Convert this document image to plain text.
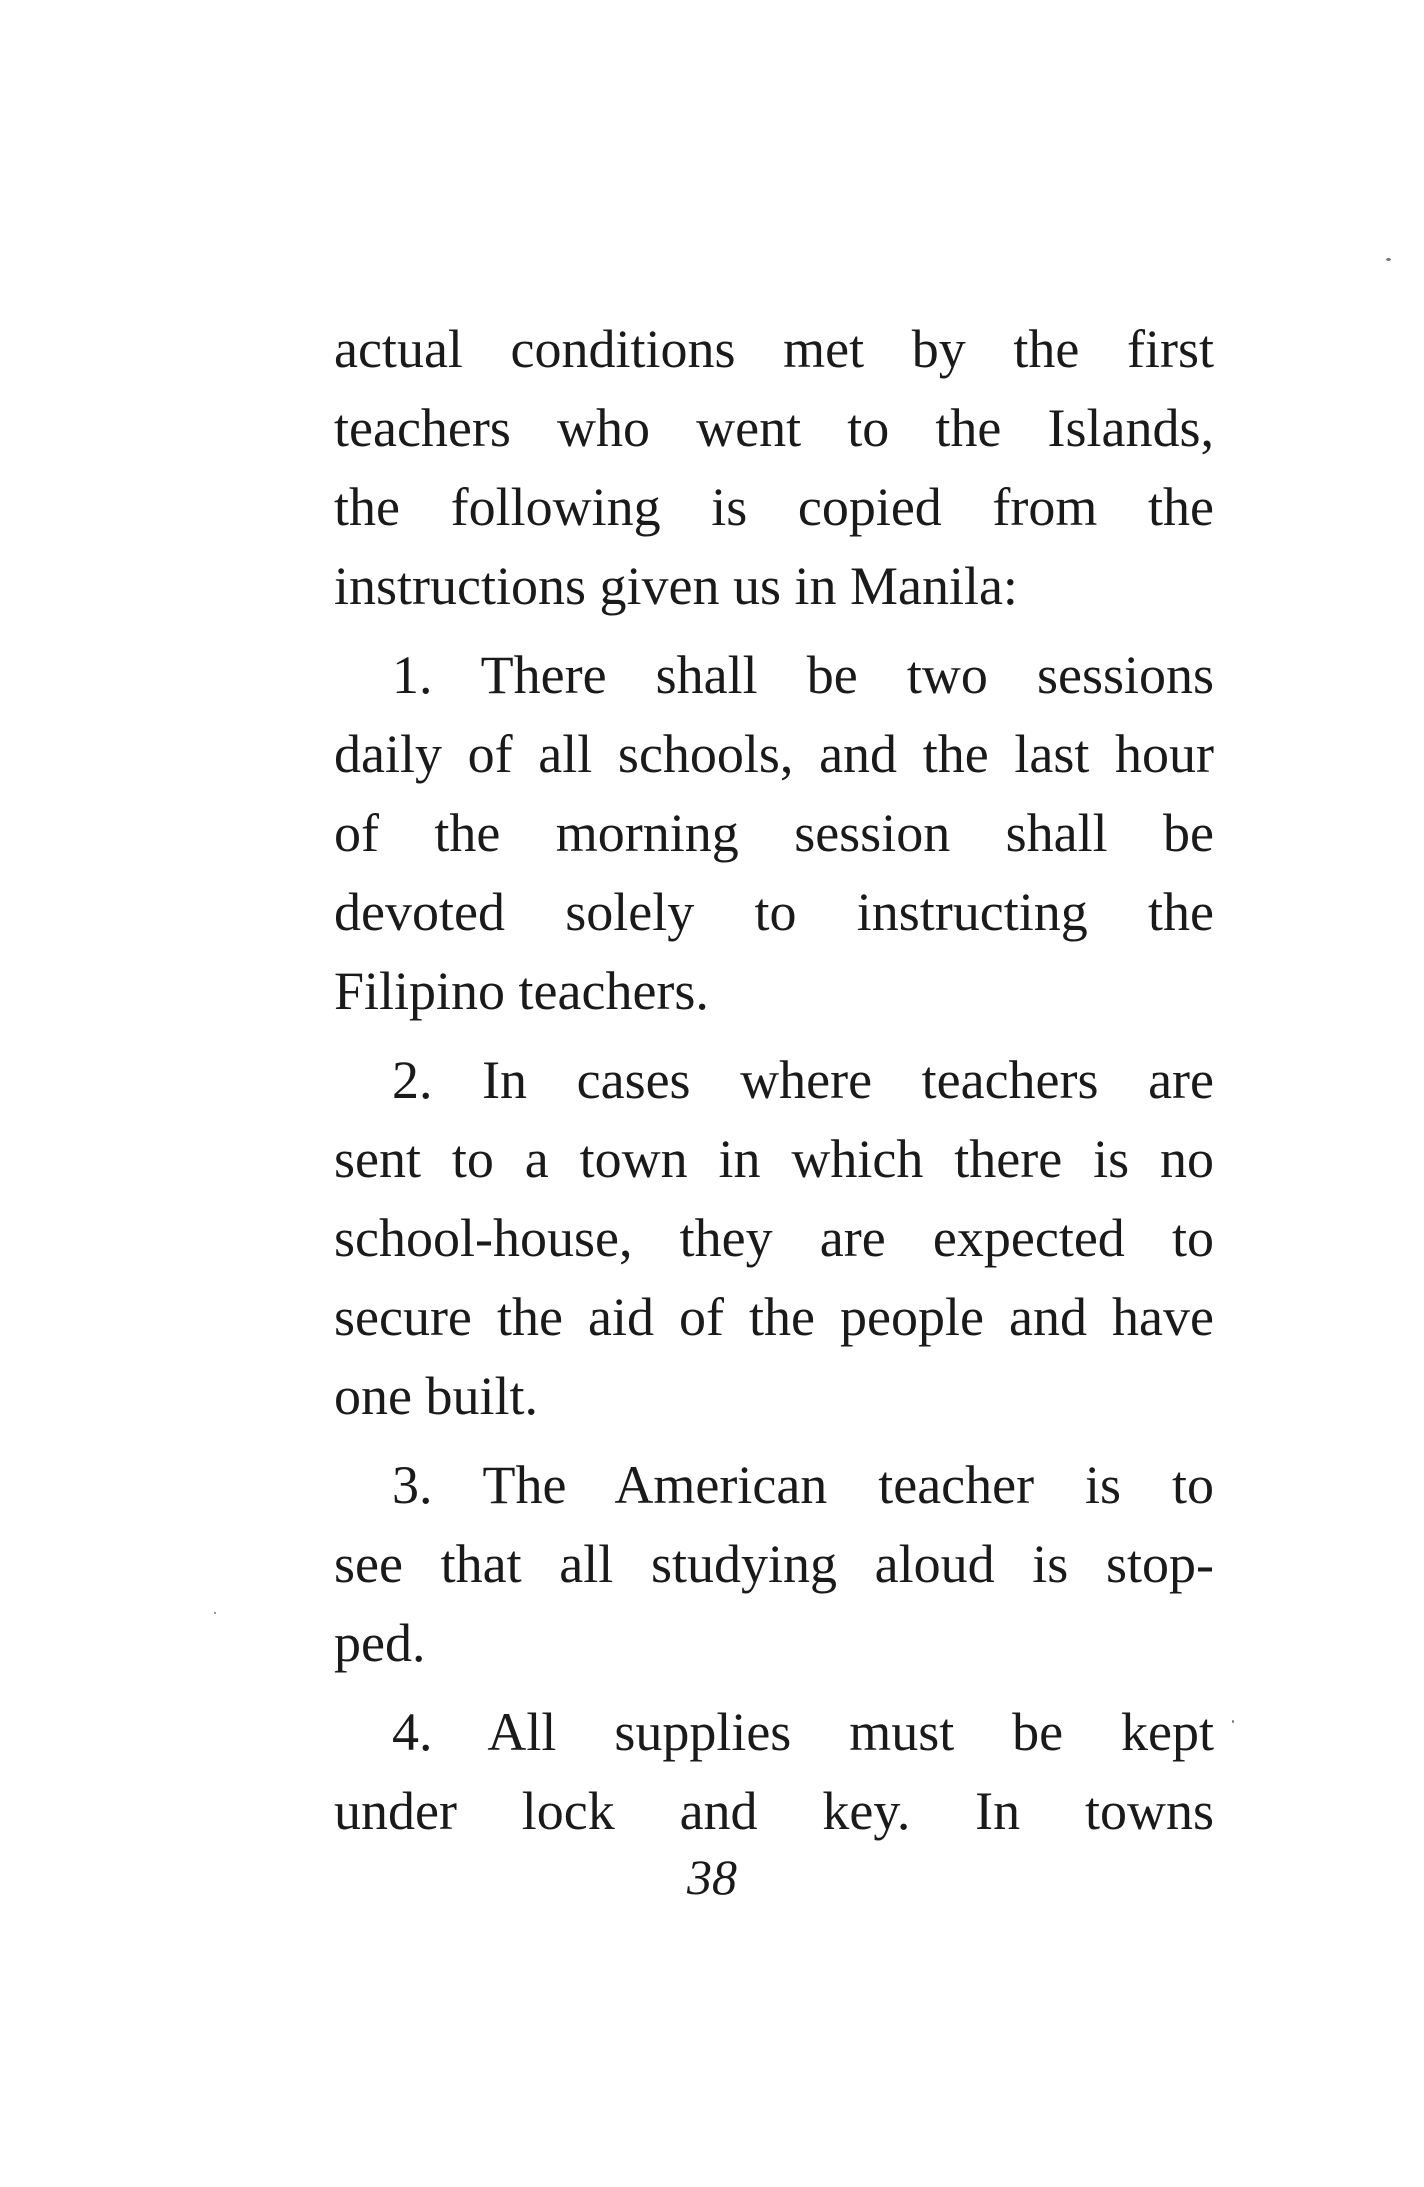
actual conditions met by the first
teachers who went to the Islands,
the following is copied from the
instructions given us in Manila:
1. There shall be two sessions
daily of all schools, and the last hour
of the morning session shall be
devoted solely to instructing the
Filipino teachers.
2. In cases where teachers are
sent to a town in which there is no
school-house, they are expected to
secure the aid of the people and have
one built.
3. The American teacher is to
see that all studying aloud is stop-
ped.
4. All supplies must be kept
under lock and key. In towns
38
